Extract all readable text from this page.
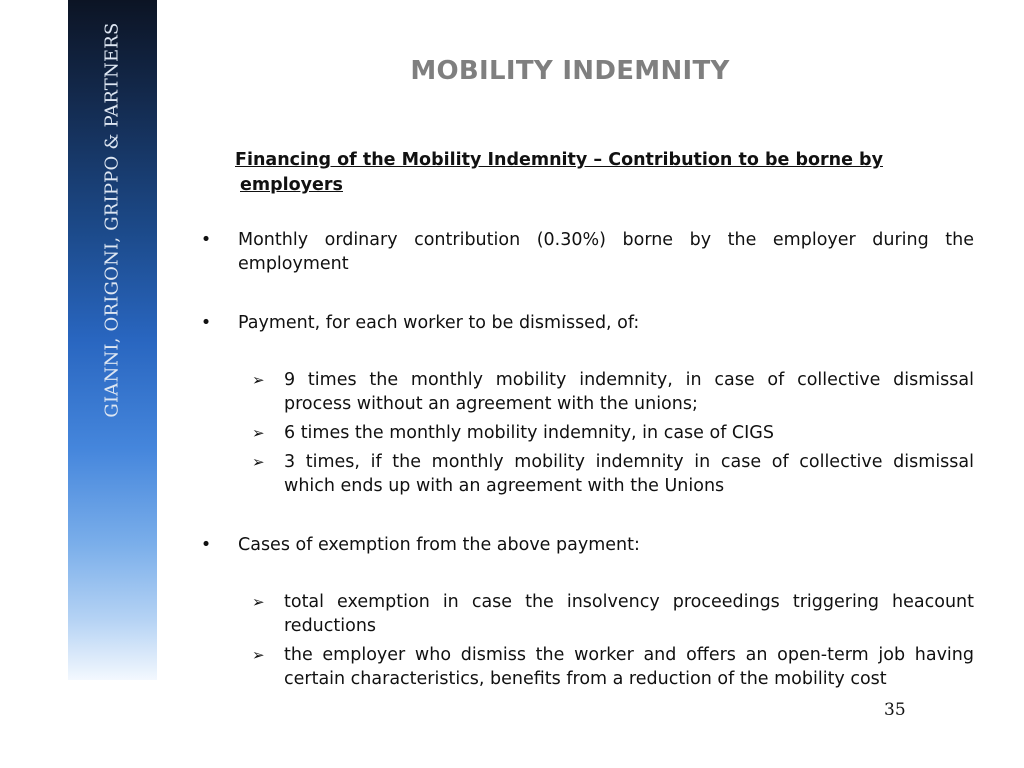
GIANNI, ORIGONI, GRIPPO & PARTNERS	MOBILITY INDEMNITY
Financing of the Mobility Indemnity – Contribution to be borne by
employers
• Monthly ordinary contribution (0.30%) borne by the employer during the employment
• Payment, for each worker to be dismissed, of:
➢ 9 times the monthly mobility indemnity, in case of collective dismissal process without an agreement with the unions;
➢ 6 times the monthly mobility indemnity, in case of CIGS
➢ 3 times, if the monthly mobility indemnity in case of collective dismissal which ends up with an agreement with the Unions
• Cases of exemption from the above payment:
➢ total exemption in case the insolvency proceedings triggering heacount reductions
➢ the employer who dismiss the worker and offers an open-term job having certain characteristics, benefits from a reduction of the mobility cost
35
